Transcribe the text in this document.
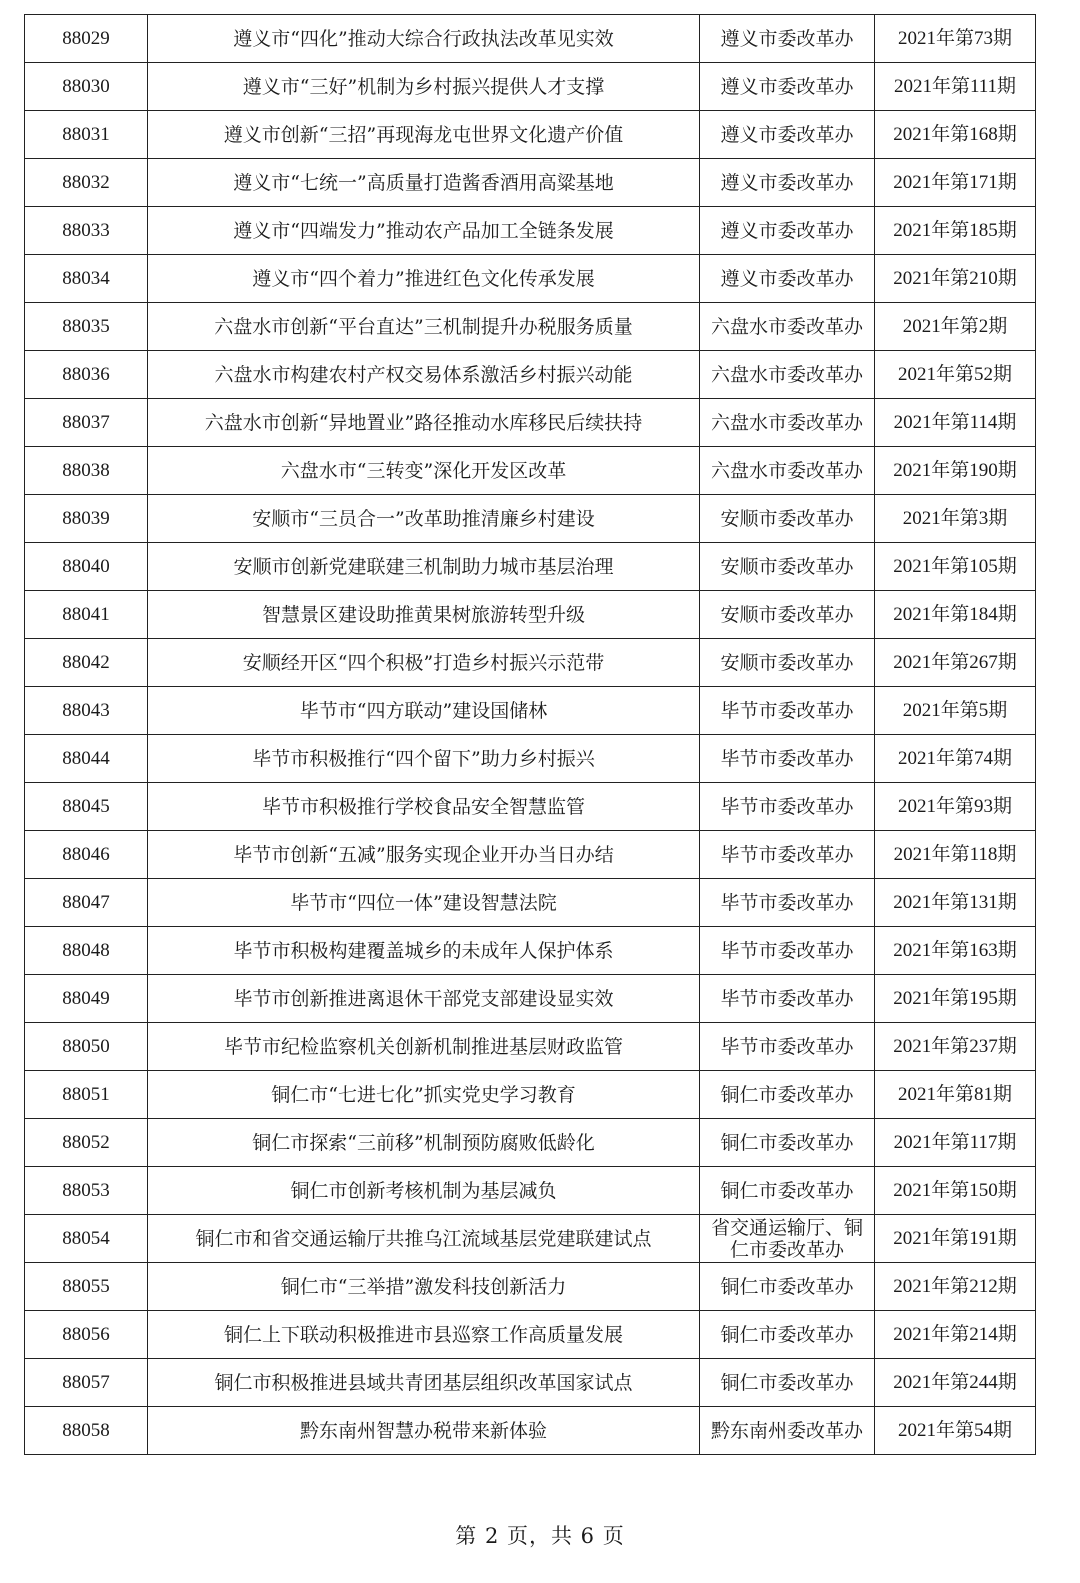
88029	遵义市“四化”推动大综合行政执法改革见实效	遵义市委改革办	2021年第73期
88030	遵义市“三好”机制为乡村振兴提供人才支撑	遵义市委改革办	2021年第111期
88031	遵义市创新“三招”再现海龙屯世界文化遗产价值	遵义市委改革办	2021年第168期
88032	遵义市“七统一”高质量打造酱香酒用高粱基地	遵义市委改革办	2021年第171期
88033	遵义市“四端发力”推动农产品加工全链条发展	遵义市委改革办	2021年第185期
88034	遵义市“四个着力”推进红色文化传承发展	遵义市委改革办	2021年第210期
88035	六盘水市创新“平台直达”三机制提升办税服务质量	六盘水市委改革办	2021年第2期
88036	六盘水市构建农村产权交易体系激活乡村振兴动能	六盘水市委改革办	2021年第52期
88037	六盘水市创新“异地置业”路径推动水库移民后续扶持	六盘水市委改革办	2021年第114期
88038	六盘水市“三转变”深化开发区改革	六盘水市委改革办	2021年第190期
88039	安顺市“三员合一”改革助推清廉乡村建设	安顺市委改革办	2021年第3期
88040	安顺市创新党建联建三机制助力城市基层治理	安顺市委改革办	2021年第105期
88041	智慧景区建设助推黄果树旅游转型升级	安顺市委改革办	2021年第184期
88042	安顺经开区“四个积极”打造乡村振兴示范带	安顺市委改革办	2021年第267期
88043	毕节市“四方联动”建设国储林	毕节市委改革办	2021年第5期
88044	毕节市积极推行“四个留下”助力乡村振兴	毕节市委改革办	2021年第74期
88045	毕节市积极推行学校食品安全智慧监管	毕节市委改革办	2021年第93期
88046	毕节市创新“五减”服务实现企业开办当日办结	毕节市委改革办	2021年第118期
88047	毕节市“四位一体”建设智慧法院	毕节市委改革办	2021年第131期
88048	毕节市积极构建覆盖城乡的未成年人保护体系	毕节市委改革办	2021年第163期
88049	毕节市创新推进离退休干部党支部建设显实效	毕节市委改革办	2021年第195期
88050	毕节市纪检监察机关创新机制推进基层财政监管	毕节市委改革办	2021年第237期
88051	铜仁市“七进七化”抓实党史学习教育	铜仁市委改革办	2021年第81期
88052	铜仁市探索“三前移”机制预防腐败低龄化	铜仁市委改革办	2021年第117期
88053	铜仁市创新考核机制为基层减负	铜仁市委改革办	2021年第150期
88054	铜仁市和省交通运输厅共推乌江流域基层党建联建试点	省交通运输厅、铜仁市委改革办	2021年第191期
88055	铜仁市“三举措”激发科技创新活力	铜仁市委改革办	2021年第212期
88056	铜仁上下联动积极推进市县巡察工作高质量发展	铜仁市委改革办	2021年第214期
88057	铜仁市积极推进县域共青团基层组织改革国家试点	铜仁市委改革办	2021年第244期
88058	黔东南州智慧办税带来新体验	黔东南州委改革办	2021年第54期
第 2 页，共 6 页
